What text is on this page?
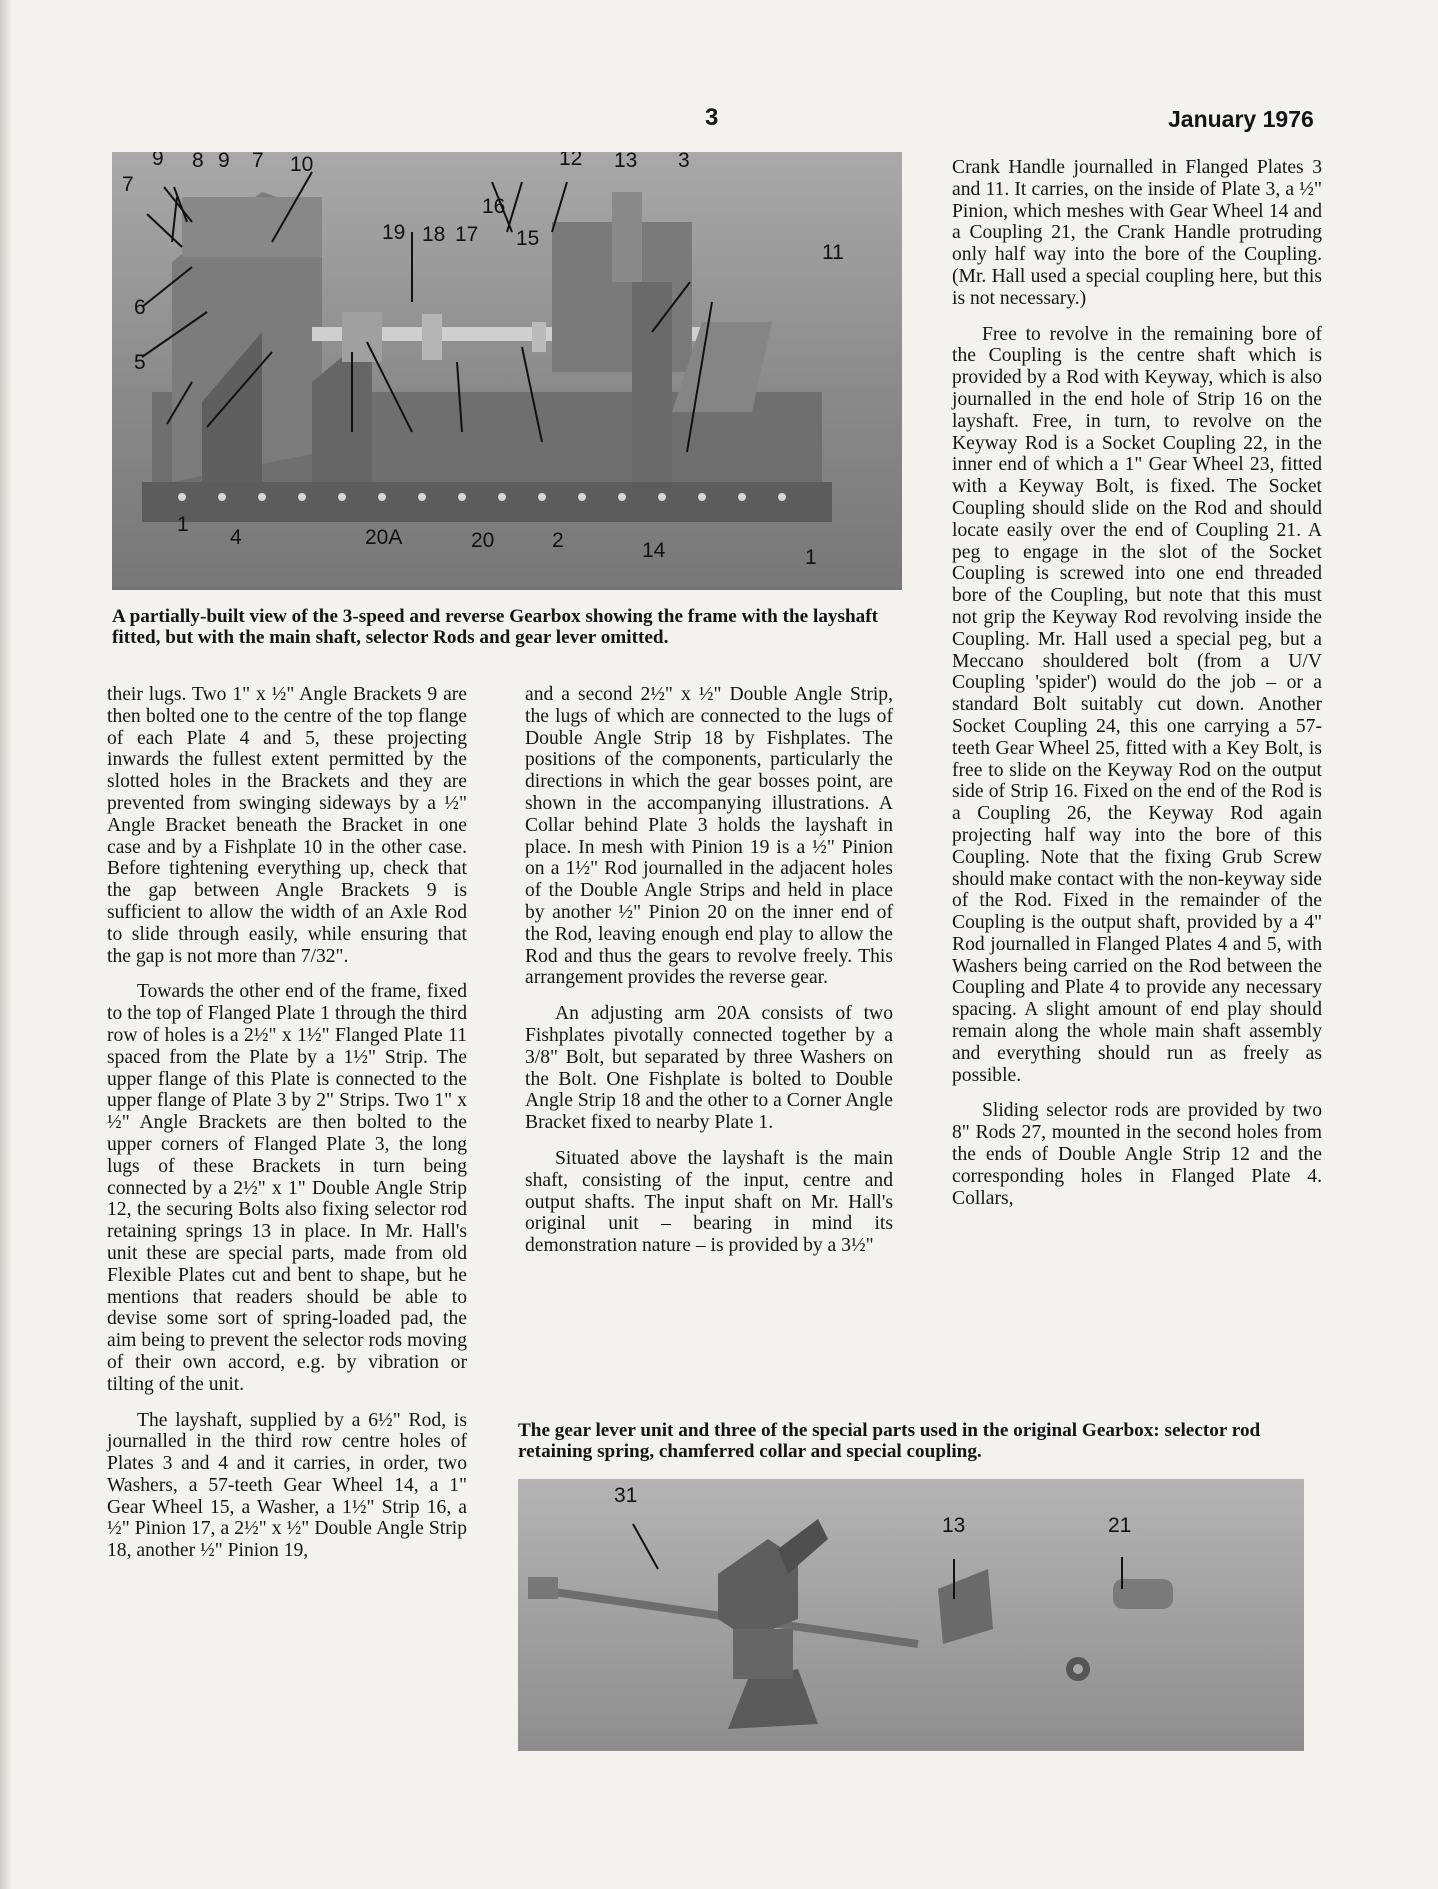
3	January 1976
9 8 9 7 10
7
12 13 3
16
19 18 17 15
11
6
5
1
4	20A	20	2	14	1

A partially-built view of the 3-speed and reverse Gearbox showing the frame with the layshaft fitted, but with the main shaft, selector Rods and gear lever omitted.

their lugs. Two 1" x ½" Angle Brackets 9 are then bolted one to the centre of the top flange of each Plate 4 and 5, these projecting inwards the fullest extent permitted by the slotted holes in the Brackets and they are prevented from swinging sideways by a ½" Angle Bracket beneath the Bracket in one case and by a Fishplate 10 in the other case. Before tightening everything up, check that the gap between Angle Brackets 9 is sufficient to allow the width of an Axle Rod to slide through easily, while ensuring that the gap is not more than 7/32".

Towards the other end of the frame, fixed to the top of Flanged Plate 1 through the third row of holes is a 2½" x 1½" Flanged Plate 11 spaced from the Plate by a 1½" Strip. The upper flange of this Plate is connected to the upper flange of Plate 3 by 2" Strips. Two 1" x ½" Angle Brackets are then bolted to the upper corners of Flanged Plate 3, the long lugs of these Brackets in turn being connected by a 2½" x 1" Double Angle Strip 12, the securing Bolts also fixing selector rod retaining springs 13 in place. In Mr. Hall's unit these are special parts, made from old Flexible Plates cut and bent to shape, but he mentions that readers should be able to devise some sort of spring-loaded pad, the aim being to prevent the selector rods moving of their own accord, e.g. by vibration or tilting of the unit.

The layshaft, supplied by a 6½" Rod, is journalled in the third row centre holes of Plates 3 and 4 and it carries, in order, two Washers, a 57-teeth Gear Wheel 14, a 1" Gear Wheel 15, a Washer, a 1½" Strip 16, a ½" Pinion 17, a 2½" x ½" Double Angle Strip 18, another ½" Pinion 19,

and a second 2½" x ½" Double Angle Strip, the lugs of which are connected to the lugs of Double Angle Strip 18 by Fishplates. The positions of the components, particularly the directions in which the gear bosses point, are shown in the accompanying illustrations. A Collar behind Plate 3 holds the layshaft in place. In mesh with Pinion 19 is a ½" Pinion on a 1½" Rod journalled in the adjacent holes of the Double Angle Strips and held in place by another ½" Pinion 20 on the inner end of the Rod, leaving enough end play to allow the Rod and thus the gears to revolve freely. This arrangement provides the reverse gear.

An adjusting arm 20A consists of two Fishplates pivotally connected together by a 3/8" Bolt, but separated by three Washers on the Bolt. One Fishplate is bolted to Double Angle Strip 18 and the other to a Corner Angle Bracket fixed to nearby Plate 1.

Situated above the layshaft is the main shaft, consisting of the input, centre and output shafts. The input shaft on Mr. Hall's original unit – bearing in mind its demonstration nature – is provided by a 3½"

Crank Handle journalled in Flanged Plates 3 and 11. It carries, on the inside of Plate 3, a ½" Pinion, which meshes with Gear Wheel 14 and a Coupling 21, the Crank Handle protruding only half way into the bore of the Coupling. (Mr. Hall used a special coupling here, but this is not necessary.)

Free to revolve in the remaining bore of the Coupling is the centre shaft which is provided by a Rod with Keyway, which is also journalled in the end hole of Strip 16 on the layshaft. Free, in turn, to revolve on the Keyway Rod is a Socket Coupling 22, in the inner end of which a 1" Gear Wheel 23, fitted with a Keyway Bolt, is fixed. The Socket Coupling should slide on the Rod and should locate easily over the end of Coupling 21. A peg to engage in the slot of the Socket Coupling is screwed into one end threaded bore of the Coupling, but note that this must not grip the Keyway Rod revolving inside the Coupling. Mr. Hall used a special peg, but a Meccano shouldered bolt (from a U/V Coupling 'spider') would do the job – or a standard Bolt suitably cut down. Another Socket Coupling 24, this one carrying a 57-teeth Gear Wheel 25, fitted with a Key Bolt, is free to slide on the Keyway Rod on the output side of Strip 16. Fixed on the end of the Rod is a Coupling 26, the Keyway Rod again projecting half way into the bore of this Coupling. Note that the fixing Grub Screw should make contact with the non-keyway side of the Rod. Fixed in the remainder of the Coupling is the output shaft, provided by a 4" Rod journalled in Flanged Plates 4 and 5, with Washers being carried on the Rod between the Coupling and Plate 4 to provide any necessary spacing. A slight amount of end play should remain along the whole main shaft assembly and everything should run as freely as possible.

Sliding selector rods are provided by two 8" Rods 27, mounted in the second holes from the ends of Double Angle Strip 12 and the corresponding holes in Flanged Plate 4. Collars,

The gear lever unit and three of the special parts used in the original Gearbox: selector rod retaining spring, chamferred collar and special coupling.

31
13	21
